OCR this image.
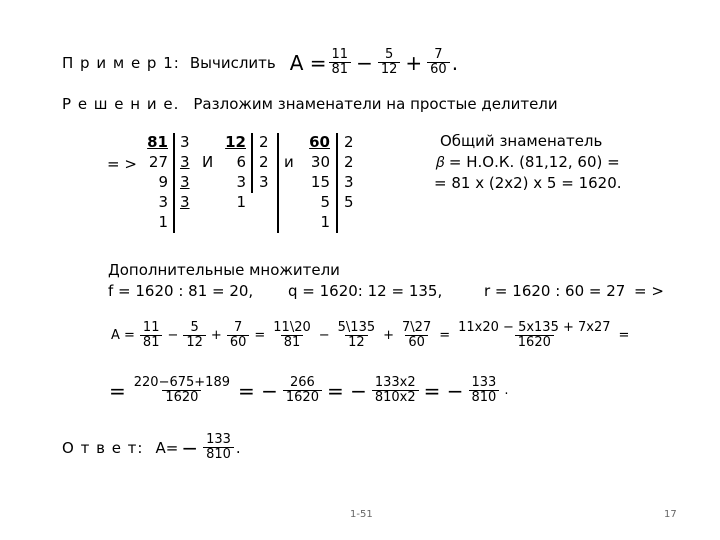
П р и м е р 1: Вычислить $A = \frac{11}{81} - \frac{5}{12} + \frac{7}{60}$ .
Р е ш е н и е. Разложим знаменатели на простые делители
= >
81
27
9
3
1
3
3
3
3
И
12
6
3
1
2
2
3
и
60
30
15
5
1
2
2
3
5
Общий знаменатель
𝛽 = Н.О.К. (81,12, 60) =
= 81 x (2x2) x 5 = 1620.
Дополнительные множители
f = 1620 : 81 = 20, q = 1620: 12 = 135,	r = 1620 : 60 = 27 = >
$A = \frac{11}{81} - \frac{5}{12} + \frac{7}{60} = \frac{11\backslash 20}{81} - \frac{5\backslash 135}{12} + \frac{7\backslash 27}{60} = \frac{11x20 - 5x135 + 7x27}{1620}$ =
= $\frac{220-675+189}{1620}$ = − $\frac{266}{1620}$ = − $\frac{133x2}{810x2}$ = − $\frac{133}{810}$ .
О т в е т: $A= - \frac{133}{810}$ .
1-51	17
